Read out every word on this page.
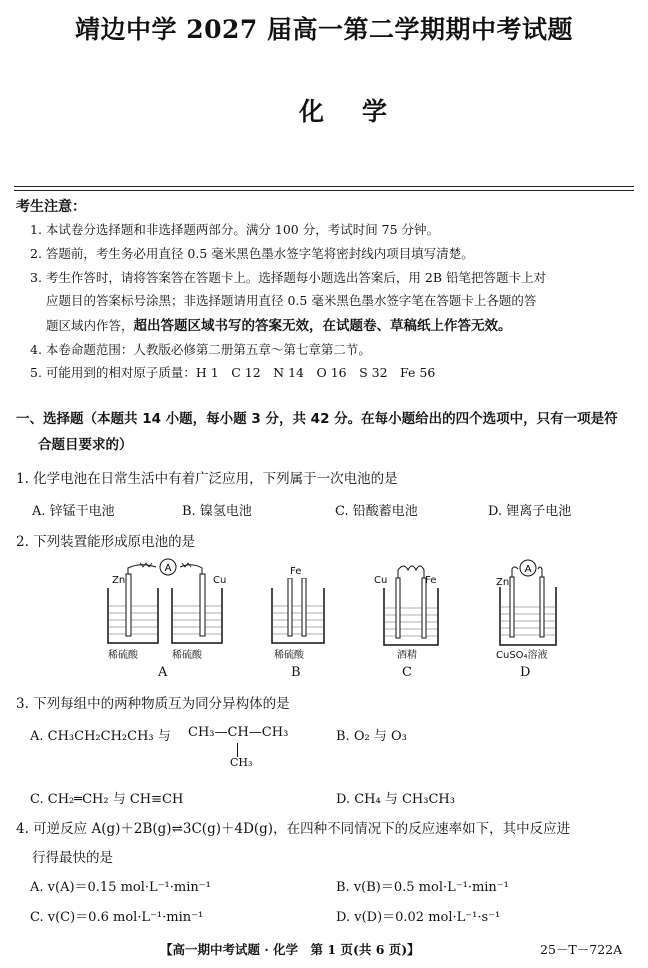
靖边中学 2027 届高一第二学期期中考试题
化学
考生注意：
1. 本试卷分选择题和非选择题两部分。满分 100 分，考试时间 75 分钟。
2. 答题前，考生务必用直径 0.5 毫米黑色墨水签字笔将密封线内项目填写清楚。
3. 考生作答时，请将答案答在答题卡上。选择题每小题选出答案后，用 2B 铅笔把答题卡上对
应题目的答案标号涂黑；非选择题请用直径 0.5 毫米黑色墨水签字笔在答题卡上各题的答
题区域内作答，超出答题区域书写的答案无效，在试题卷、草稿纸上作答无效。
4. 本卷命题范围：人教版必修第二册第五章～第七章第二节。
5. 可能用到的相对原子质量：H 1　C 12　N 14　O 16　S 32　Fe 56
一、选择题（本题共 14 小题，每小题 3 分，共 42 分。在每小题给出的四个选项中，只有一项是符
合题目要求的）
1. 化学电池在日常生活中有着广泛应用，下列属于一次电池的是
A. 锌锰干电池	B. 镍氢电池	C. 铅酸蓄电池	D. 锂离子电池
2. 下列装置能形成原电池的是
A
Zn	Cu
稀硫酸	稀硫酸
A
Fe
稀硫酸
B
Cu	Fe
酒精
C
A
Zn
CuSO₄溶液
D
3. 下列每组中的两种物质互为同分异构体的是
A. CH₃CH₂CH₂CH₃ 与 CH₃—CH—CH₃
CH₃
B. O₂ 与 O₃
C. CH₂═CH₂ 与 CH≡CH	D. CH₄ 与 CH₃CH₃
4. 可逆反应 A(g)＋2B(g)⇌3C(g)＋4D(g)，在四种不同情况下的反应速率如下，其中反应进
行得最快的是
A. v(A)＝0.15 mol·L⁻¹·min⁻¹	B. v(B)＝0.5 mol·L⁻¹·min⁻¹
C. v(C)＝0.6 mol·L⁻¹·min⁻¹	D. v(D)＝0.02 mol·L⁻¹·s⁻¹
【高一期中考试题 · 化学　第 1 页(共 6 页)】	25－T－722A
